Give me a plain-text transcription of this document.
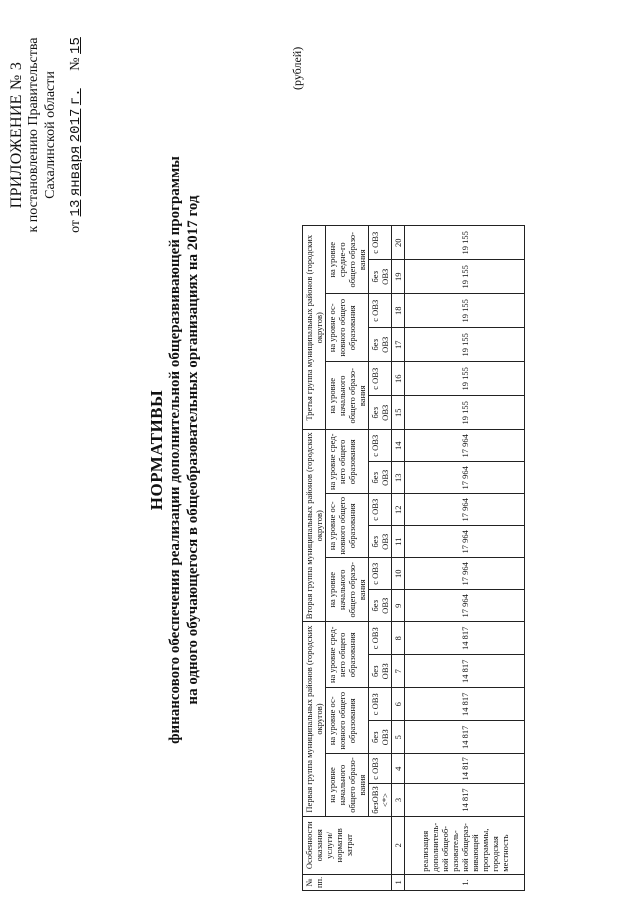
ПРИЛОЖЕНИЕ № 3 к постановлению Правительства Сахалинской области
от 13 января 2017 г.     № 15
НОРМАТИВЫ финансового обеспечения реализации дополнительной общеразвивающей программы на одного обучающегося в общеобразовательных организациях на 2017 год
(рублей)
№ пп.	Особенности оказания услуги/ норматив затрат	Первая группа муниципальных районов (городских округов)						Вторая группа муниципальных районов (городских округов)						Третья группа муниципальных районов (городских округов)					
		на уровне начального общего образо-вания		на уровне ос-новного общего образования		на уровне сред-него общего образования		на уровне начального общего образо-вания		на уровне ос-новного общего образования		на уровне сред-него общего образования		на уровне начального общего образо-вания		на уровне ос-новного общего образования		на уровне средне-го общего образо-вания	
		безОВЗ <*>	с ОВЗ	без ОВЗ	с ОВЗ	без ОВЗ	с ОВЗ	без ОВЗ	с ОВЗ	без ОВЗ	с ОВЗ	без ОВЗ	с ОВЗ	без ОВЗ	с ОВЗ	без ОВЗ	с ОВЗ	без ОВЗ	с ОВЗ
1	2	3	4	5	6	7	8	9	10	11	12	13	14	15	16	17	18	19	20
1.	реализация дополнитель-ной общеоб-разователь-ной общераз-вивающей программы, городская местность	14 817	14 817	14 817	14 817	14 817	14 817	17 964	17 964	17 964	17 964	17 964	17 964	19 155	19 155	19 155	19 155	19 155	19 155
